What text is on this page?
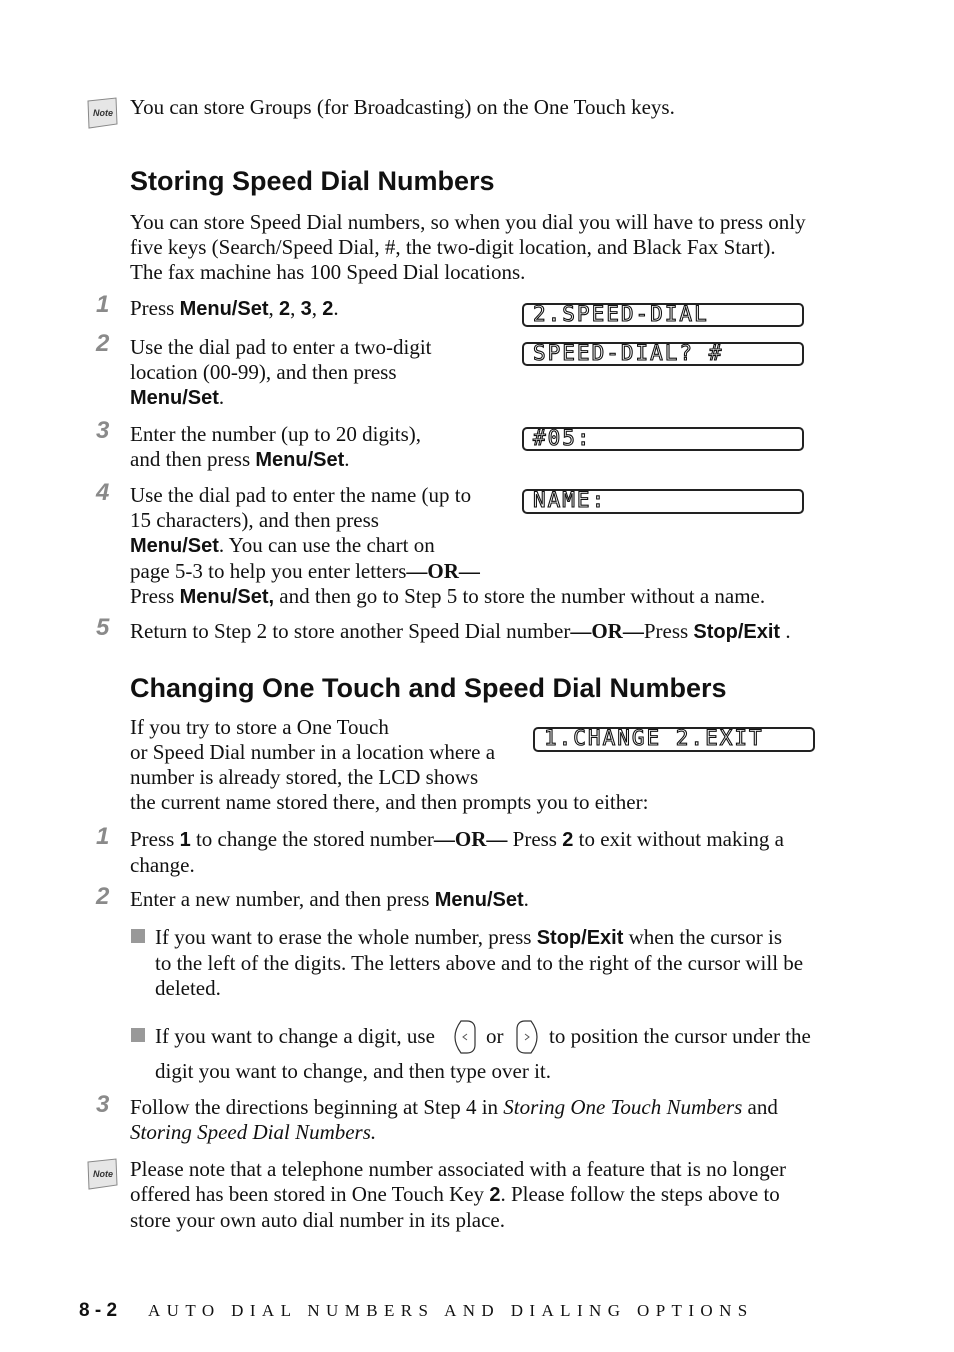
Note You can store Groups (for Broadcasting) on the One Touch keys.
Storing Speed Dial Numbers
You can store Speed Dial numbers, so when you dial you will have to press only
five keys (Search/Speed Dial, #, the two-digit location, and Black Fax Start).
The fax machine has 100 Speed Dial locations.
1 Press Menu/Set, 2, 3, 2.
2 Use the dial pad to enter a two-digit
location (00-99), and then press
Menu/Set.
3 Enter the number (up to 20 digits),
and then press Menu/Set.
4 Use the dial pad to enter the name (up to
15 characters), and then press
Menu/Set. You can use the chart on
page 5-3 to help you enter letters—OR—
Press Menu/Set, and then go to Step 5 to store the number without a name.
5 Return to Step 2 to store another Speed Dial number—OR—Press Stop/Exit .
2.SPEED-DIAL
SPEED-DIAL? #
#05:
NAME:
Changing One Touch and Speed Dial Numbers
If you try to store a One Touch
or Speed Dial number in a location where a
number is already stored, the LCD shows
the current name stored there, and then prompts you to either:
1.CHANGE 2.EXIT
1 Press 1 to change the stored number—OR— Press 2 to exit without making a
change.
2 Enter a new number, and then press Menu/Set.
If you want to erase the whole number, press Stop/Exit when the cursor is
to the left of the digits. The letters above and to the right of the cursor will be
deleted.
If you want to change a digit, use or to position the cursor under the
digit you want to change, and then type over it.
3 Follow the directions beginning at Step 4 in Storing One Touch Numbers and
Storing Speed Dial Numbers.
Note Please note that a telephone number associated with a feature that is no longer
offered has been stored in One Touch Key 2. Please follow the steps above to
store your own auto dial number in its place.
8 - 2 AUTO DIAL NUMBERS AND DIALING OPTIONS
